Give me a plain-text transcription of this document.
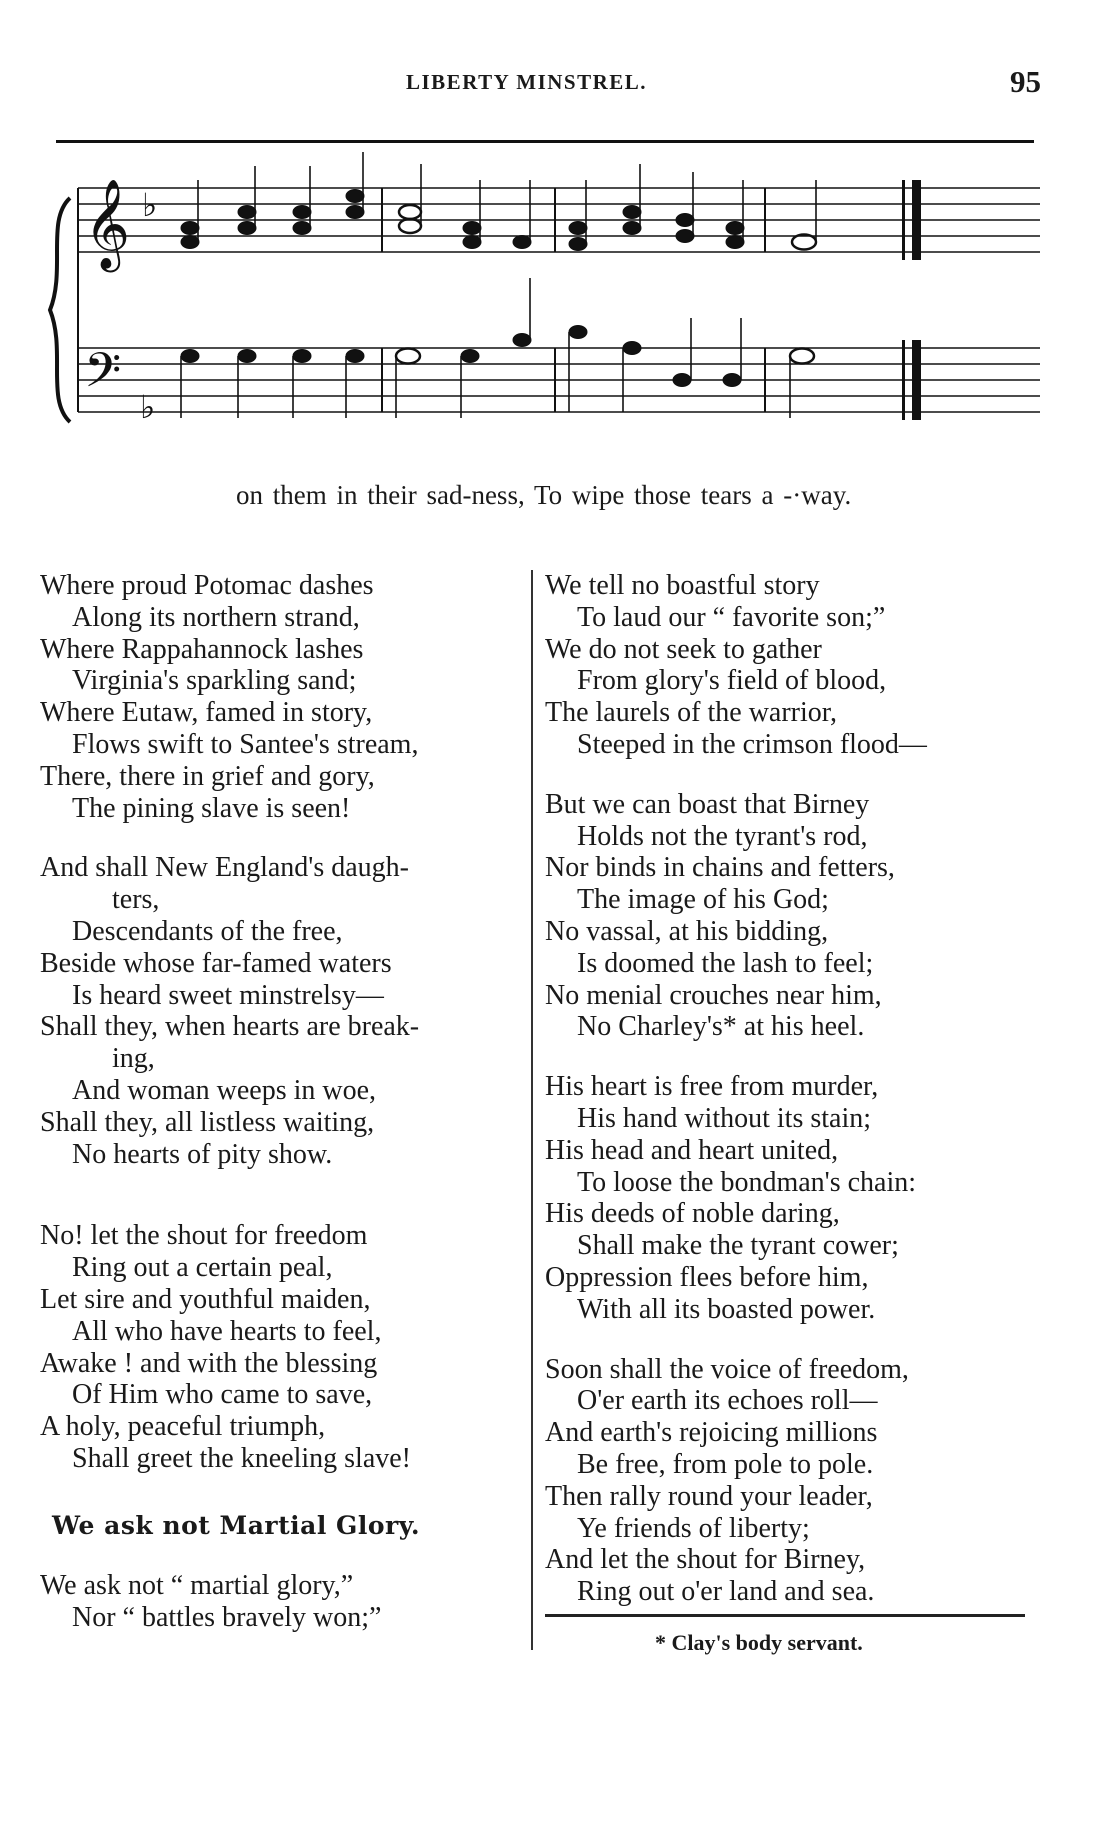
LIBERTY MINSTREL.	95
𝄞 ♭
𝄢 ♭
on them in their sad-ness, To wipe those tears a -·way.
Where proud Potomac dashes
Along its northern strand,
Where Rappahannock lashes
Virginia's sparkling sand;
Where Eutaw, famed in story,
Flows swift to Santee's stream,
There, there in grief and gory,
The pining slave is seen!
And shall New England's daugh-
ters,
Descendants of the free,
Beside whose far-famed waters
Is heard sweet minstrelsy—
Shall they, when hearts are break-
ing,
And woman weeps in woe,
Shall they, all listless waiting,
No hearts of pity show.
No! let the shout for freedom
Ring out a certain peal,
Let sire and youthful maiden,
All who have hearts to feel,
Awake ! and with the blessing
Of Him who came to save,
A holy, peaceful triumph,
Shall greet the kneeling slave!
We ask not Martial Glory.
We ask not “ martial glory,”
Nor “ battles bravely won;”
We tell no boastful story
To laud our “ favorite son;”
We do not seek to gather
From glory's field of blood,
The laurels of the warrior,
Steeped in the crimson flood—
But we can boast that Birney
Holds not the tyrant's rod,
Nor binds in chains and fetters,
The image of his God;
No vassal, at his bidding,
Is doomed the lash to feel;
No menial crouches near him,
No Charley's* at his heel.
His heart is free from murder,
His hand without its stain;
His head and heart united,
To loose the bondman's chain:
His deeds of noble daring,
Shall make the tyrant cower;
Oppression flees before him,
With all its boasted power.
Soon shall the voice of freedom,
O'er earth its echoes roll—
And earth's rejoicing millions
Be free, from pole to pole.
Then rally round your leader,
Ye friends of liberty;
And let the shout for Birney,
Ring out o'er land and sea.
* Clay's body servant.
